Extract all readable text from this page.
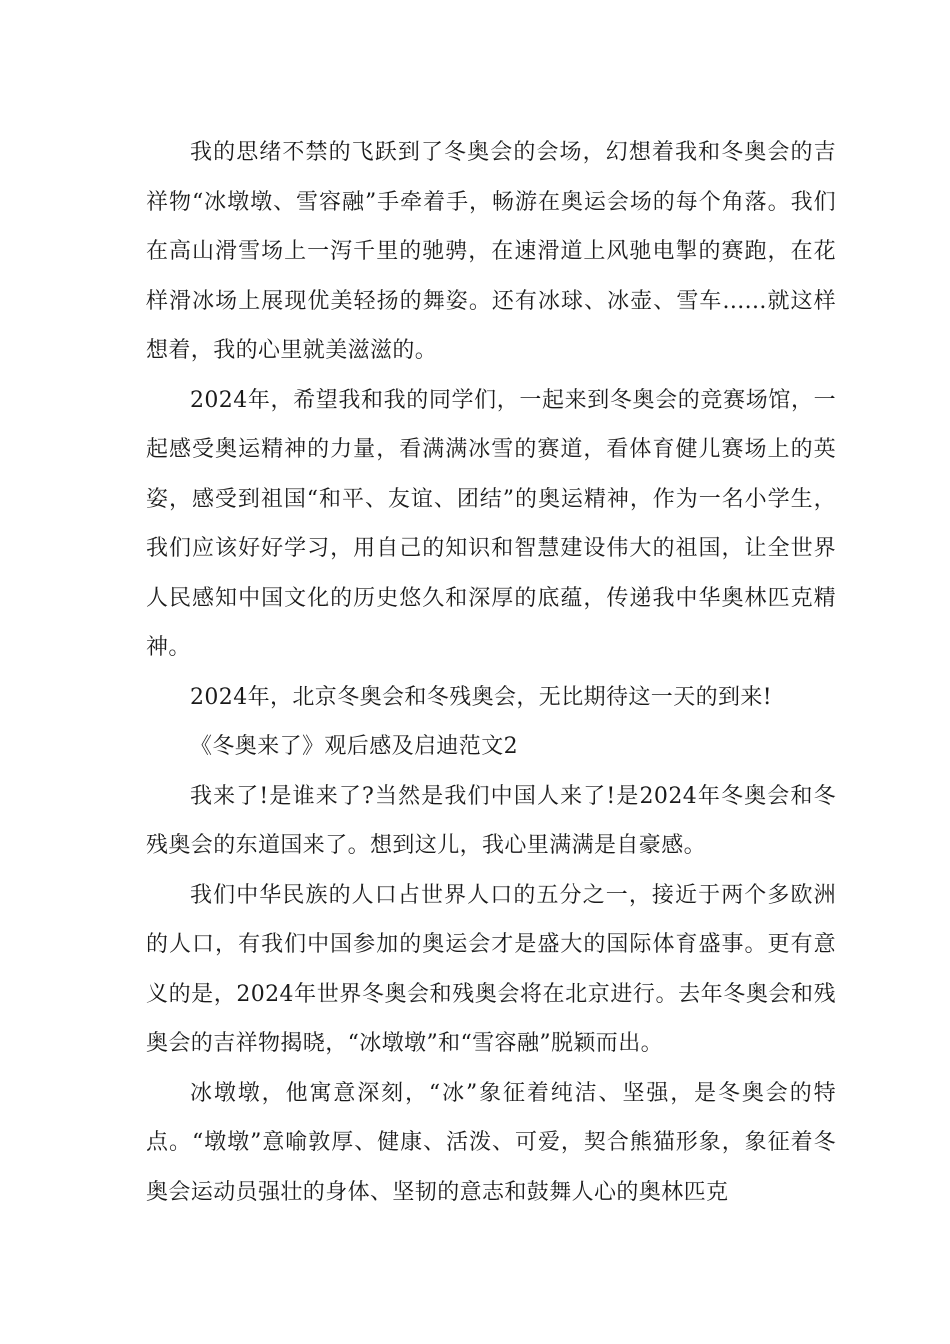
我的思绪不禁的飞跃到了冬奥会的会场，幻想着我和冬奥会的吉祥物“冰墩墩、雪容融”手牵着手，畅游在奥运会场的每个角落。我们在高山滑雪场上一泻千里的驰骋，在速滑道上风驰电掣的赛跑，在花样滑冰场上展现优美轻扬的舞姿。还有冰球、冰壶、雪车......就这样想着，我的心里就美滋滋的。

2024年，希望我和我的同学们，一起来到冬奥会的竞赛场馆，一起感受奥运精神的力量，看满满冰雪的赛道，看体育健儿赛场上的英姿，感受到祖国“和平、友谊、团结”的奥运精神，作为一名小学生，我们应该好好学习，用自己的知识和智慧建设伟大的祖国，让全世界人民感知中国文化的历史悠久和深厚的底蕴，传递我中华奥林匹克精神。

2024年，北京冬奥会和冬残奥会，无比期待这一天的到来!

《冬奥来了》观后感及启迪范文2

我来了!是谁来了?当然是我们中国人来了!是2024年冬奥会和冬残奥会的东道国来了。想到这儿，我心里满满是自豪感。

我们中华民族的人口占世界人口的五分之一，接近于两个多欧洲的人口，有我们中国参加的奥运会才是盛大的国际体育盛事。更有意义的是，2024年世界冬奥会和残奥会将在北京进行。去年冬奥会和残奥会的吉祥物揭晓，“冰墩墩”和“雪容融”脱颖而出。

冰墩墩，他寓意深刻，“冰”象征着纯洁、坚强，是冬奥会的特点。“墩墩”意喻敦厚、健康、活泼、可爱，契合熊猫形象，象征着冬奥会运动员强壮的身体、坚韧的意志和鼓舞人心的奥林匹克
